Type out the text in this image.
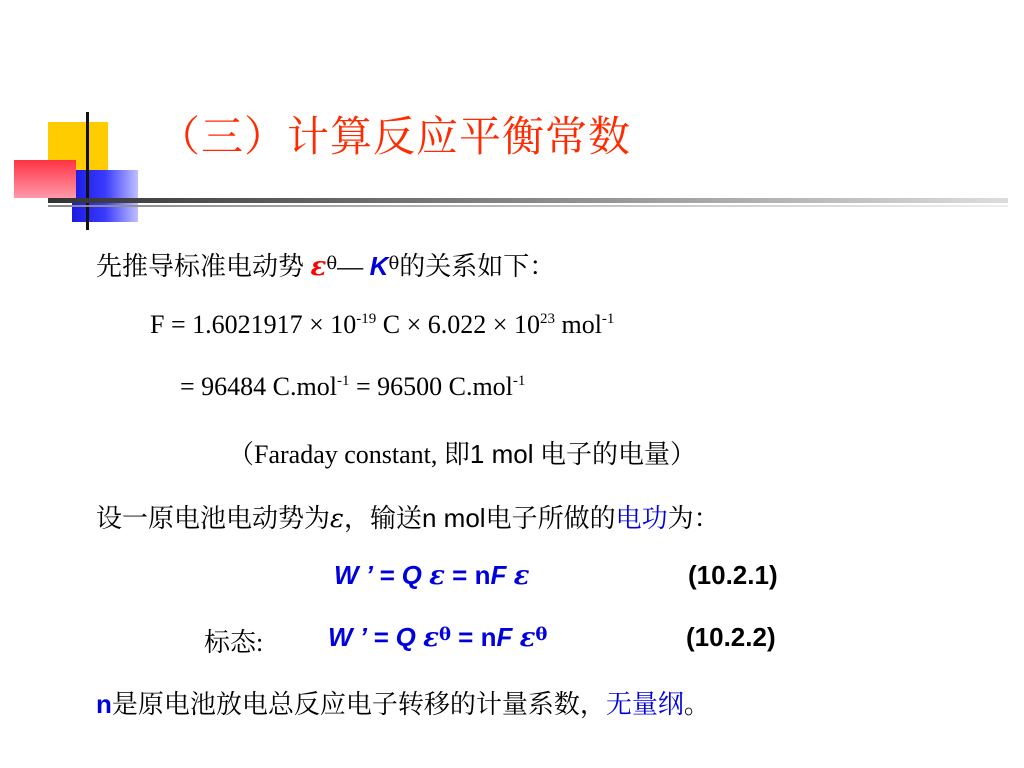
（三）计算反应平衡常数
先推导标准电动势 $\varepsilon^\theta—$ $K^\theta$的关系如下：
$F = 1.6021917 \times 10^{-19}$ $C \times 6.022 \times 10^{23}$ mol$^{-1}$
= 96484 C.mol$^{-1}$ = 96500 C.mol$^{-1}$
（Faraday constant, 即1 mol 电子的电量）
设一原电池电动势为ε，输送n mol电子所做的电功为：
W ’ = Q ε = nF ε	(10.2.1)
标态: W ’ = Q $\varepsilon^\theta$ = nF $\varepsilon^\theta$	(10.2.2)
n是原电池放电总反应电子转移的计量系数，无量纲。
